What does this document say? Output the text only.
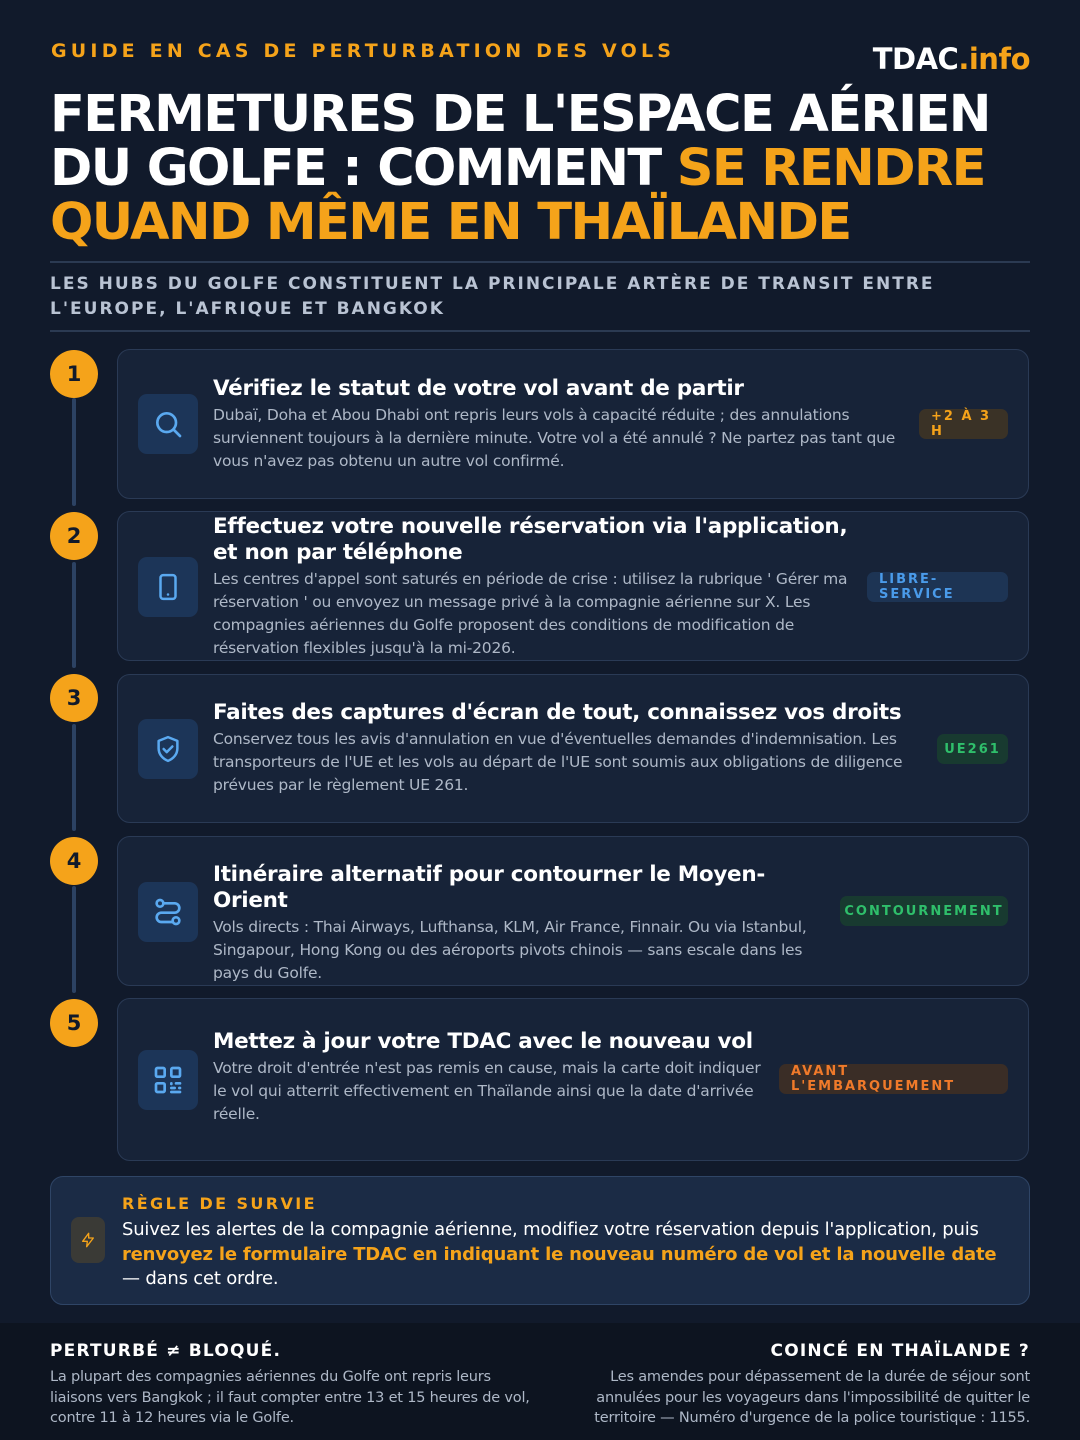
GUIDE EN CAS DE PERTURBATION DES VOLS	TDAC.info
FERMETURES DE L'ESPACE AÉRIEN
DU GOLFE : COMMENT SE RENDRE
QUAND MÊME EN THAÏLANDE
LES HUBS DU GOLFE CONSTITUENT LA PRINCIPALE ARTÈRE DE TRANSIT ENTRE L'EUROPE, L'AFRIQUE ET BANGKOK
1
Vérifiez le statut de votre vol avant de partir
Dubaï, Doha et Abou Dhabi ont repris leurs vols à capacité réduite ; des annulations surviennent toujours à la dernière minute. Votre vol a été annulé ? Ne partez pas tant que vous n'avez pas obtenu un autre vol confirmé.
+2 À 3 H
2	Effectuez votre nouvelle réservation via l'application, et non par téléphone
Les centres d'appel sont saturés en période de crise : utilisez la rubrique ' Gérer ma réservation ' ou envoyez un message privé à la compagnie aérienne sur X. Les compagnies aériennes du Golfe proposent des conditions de modification de réservation flexibles jusqu'à la mi-2026.
LIBRE-SERVICE
3
Faites des captures d'écran de tout, connaissez vos droits
Conservez tous les avis d'annulation en vue d'éventuelles demandes d'indemnisation. Les transporteurs de l'UE et les vols au départ de l'UE sont soumis aux obligations de diligence prévues par le règlement UE 261.
UE261
4
Itinéraire alternatif pour contourner le Moyen-Orient
Vols directs : Thai Airways, Lufthansa, KLM, Air France, Finnair. Ou via Istanbul, Singapour, Hong Kong ou des aéroports pivots chinois — sans escale dans les pays du Golfe.
CONTOURNEMENT
5
Mettez à jour votre TDAC avec le nouveau vol
Votre droit d'entrée n'est pas remis en cause, mais la carte doit indiquer le vol qui atterrit effectivement en Thaïlande ainsi que la date d'arrivée réelle.
AVANT L'EMBARQUEMENT
RÈGLE DE SURVIE
Suivez les alertes de la compagnie aérienne, modifiez votre réservation depuis l'application, puis renvoyez le formulaire TDAC en indiquant le nouveau numéro de vol et la nouvelle date — dans cet ordre.
PERTURBÉ ≠ BLOQUÉ.
La plupart des compagnies aériennes du Golfe ont repris leurs liaisons vers Bangkok ; il faut compter entre 13 et 15 heures de vol, contre 11 à 12 heures via le Golfe.
COINCÉ EN THAÏLANDE ?
Les amendes pour dépassement de la durée de séjour sont annulées pour les voyageurs dans l'impossibilité de quitter le territoire — Numéro d'urgence de la police touristique : 1155.
